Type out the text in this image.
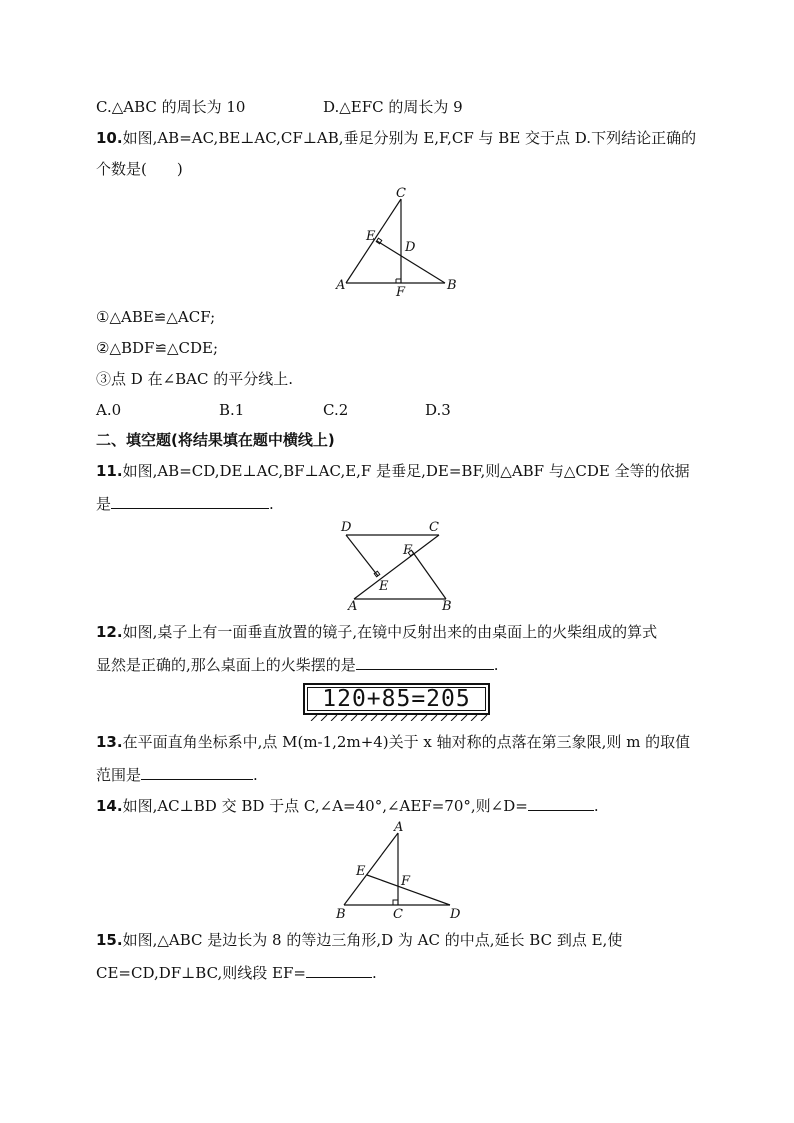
C.△ABC 的周长为 10	D.△EFC 的周长为 9
10.如图,AB=AC,BE⊥AC,CF⊥AB,垂足分别为 E,F,CF 与 BE 交于点 D.下列结论正确的
个数是(　　)
C
E
D
A	B
F
①△ABE≌△ACF;
②△BDF≌△CDE;
③点 D 在∠BAC 的平分线上.
A.0	B.1	C.2	D.3
二、填空题(将结果填在题中横线上)
11.如图,AB=CD,DE⊥AC,BF⊥AC,E,F 是垂足,DE=BF,则△ABF 与△CDE 全等的依据
是	.
D	C
F
E
A	B
12.如图,桌子上有一面垂直放置的镜子,在镜中反射出来的由桌面上的火柴组成的算式
显然是正确的,那么桌面上的火柴摆的是	.
120+85=205
13.在平面直角坐标系中,点 M(m-1,2m+4)关于 x 轴对称的点落在第三象限,则 m 的取值
范围是	.
14.如图,AC⊥BD 交 BD 于点 C,∠A=40°,∠AEF=70°,则∠D=	.
A
E
F
B	C	D
15.如图,△ABC 是边长为 8 的等边三角形,D 为 AC 的中点,延长 BC 到点 E,使
CE=CD,DF⊥BC,则线段 EF=	.
